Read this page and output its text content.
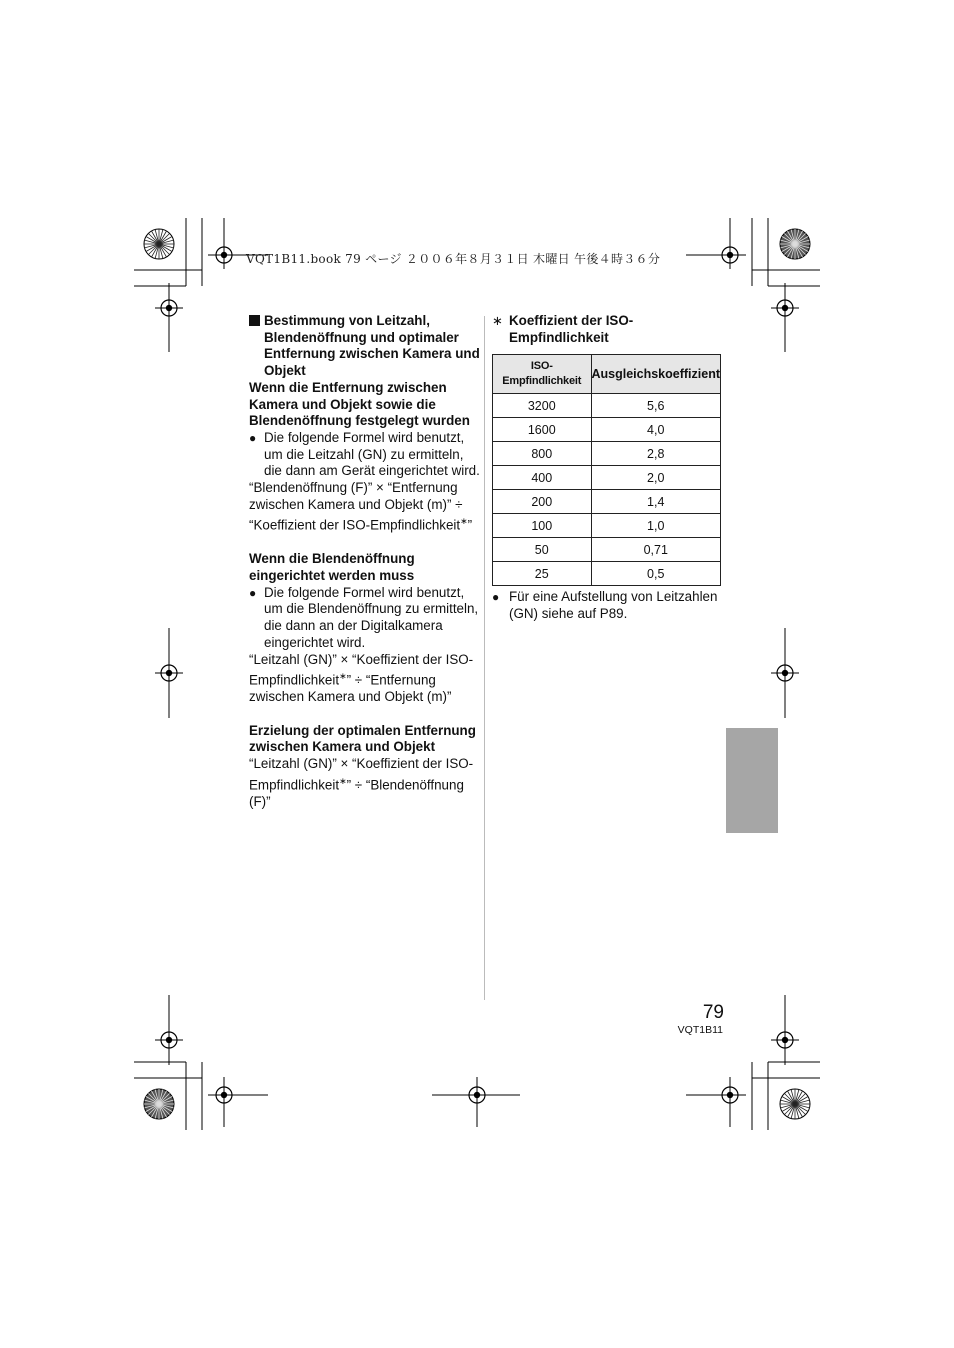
VQT1B11.book 79 ページ ２００６年８月３１日 木曜日 午後４時３６分

Bestimmung von Leitzahl, Blendenöffnung und optimaler Entfernung zwischen Kamera und Objekt

Wenn die Entfernung zwischen Kamera und Objekt sowie die Blendenöffnung festgelegt wurden

● Die folgende Formel wird benutzt, um die Leitzahl (GN) zu ermitteln, die dann am Gerät eingerichtet wird.

“Blendenöffnung (F)” × “Entfernung zwischen Kamera und Objekt (m)” ÷ “Koeffizient der ISO-Empfindlichkeit∗”

Wenn die Blendenöffnung eingerichtet werden muss

● Die folgende Formel wird benutzt, um die Blendenöffnung zu ermitteln, die dann an der Digitalkamera eingerichtet wird.

“Leitzahl (GN)” × “Koeffizient der ISO-Empfindlichkeit∗” ÷ “Entfernung zwischen Kamera und Objekt (m)”

Erzielung der optimalen Entfernung zwischen Kamera und Objekt

“Leitzahl (GN)” × “Koeffizient der ISO-Empfindlichkeit∗” ÷ “Blendenöffnung (F)”

∗ Koeffizient der ISO-Empfindlichkeit

ISO-Empfindlichkeit	Ausgleichskoeffizient
3200	5,6
1600	4,0
800	2,8
400	2,0
200	1,4
100	1,0
50	0,71
25	0,5

● Für eine Aufstellung von Leitzahlen (GN) siehe auf P89.

79
VQT1B11
